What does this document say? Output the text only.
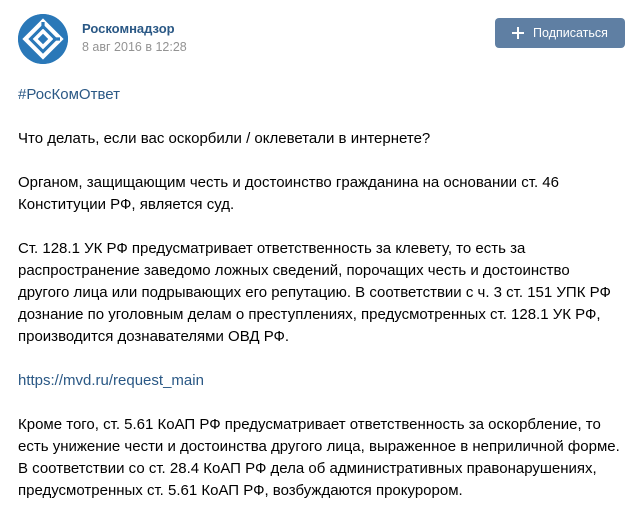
Роскомнадзор
8 авг 2016 в 12:28
Подписаться

#РосКомОтвет

Что делать, если вас оскорбили / оклеветали в интернете?

Органом, защищающим честь и достоинство гражданина на основании ст. 46 Конституции РФ, является суд.

Ст. 128.1 УК РФ предусматривает ответственность за клевету, то есть за распространение заведомо ложных сведений, порочащих честь и достоинство другого лица или подрывающих его репутацию. В соответствии с ч. 3 ст. 151 УПК РФ дознание по уголовным делам о преступлениях, предусмотренных ст. 128.1 УК РФ, производится дознавателями ОВД РФ.

https://mvd.ru/request_main

Кроме того, ст. 5.61 КоАП РФ предусматривает ответственность за оскорбление, то есть унижение чести и достоинства другого лица, выраженное в неприличной форме. В соответствии со ст. 28.4 КоАП РФ дела об административных правонарушениях, предусмотренных ст. 5.61 КоАП РФ, возбуждаются прокурором.
